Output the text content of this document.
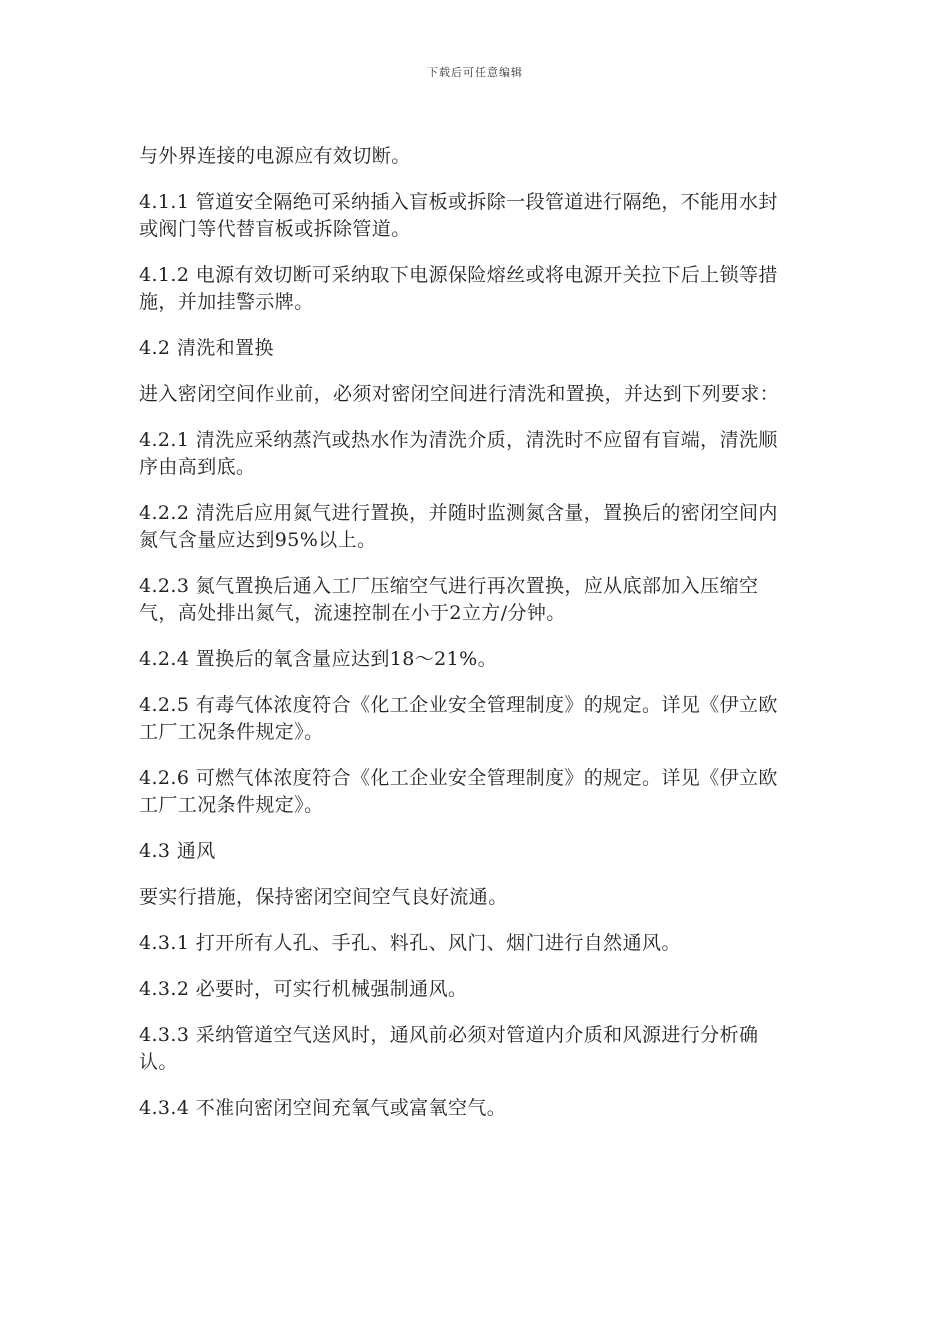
下载后可任意编辑

与外界连接的电源应有效切断。

4.1.1 管道安全隔绝可采纳插入盲板或拆除一段管道进行隔绝，不能用水封或阀门等代替盲板或拆除管道。

4.1.2 电源有效切断可采纳取下电源保险熔丝或将电源开关拉下后上锁等措施，并加挂警示牌。

4.2 清洗和置换

进入密闭空间作业前，必须对密闭空间进行清洗和置换，并达到下列要求：

4.2.1 清洗应采纳蒸汽或热水作为清洗介质，清洗时不应留有盲端，清洗顺序由高到底。

4.2.2 清洗后应用氮气进行置换，并随时监测氮含量，置换后的密闭空间内氮气含量应达到95%以上。

4.2.3 氮气置换后通入工厂压缩空气进行再次置换，应从底部加入压缩空气，高处排出氮气，流速控制在小于2立方/分钟。

4.2.4 置换后的氧含量应达到18～21%。

4.2.5 有毒气体浓度符合《化工企业安全管理制度》的规定。详见《伊立欧工厂工况条件规定》。

4.2.6 可燃气体浓度符合《化工企业安全管理制度》的规定。详见《伊立欧工厂工况条件规定》。

4.3 通风

要实行措施，保持密闭空间空气良好流通。

4.3.1 打开所有人孔、手孔、料孔、风门、烟门进行自然通风。

4.3.2 必要时，可实行机械强制通风。

4.3.3 采纳管道空气送风时，通风前必须对管道内介质和风源进行分析确认。

4.3.4 不准向密闭空间充氧气或富氧空气。
